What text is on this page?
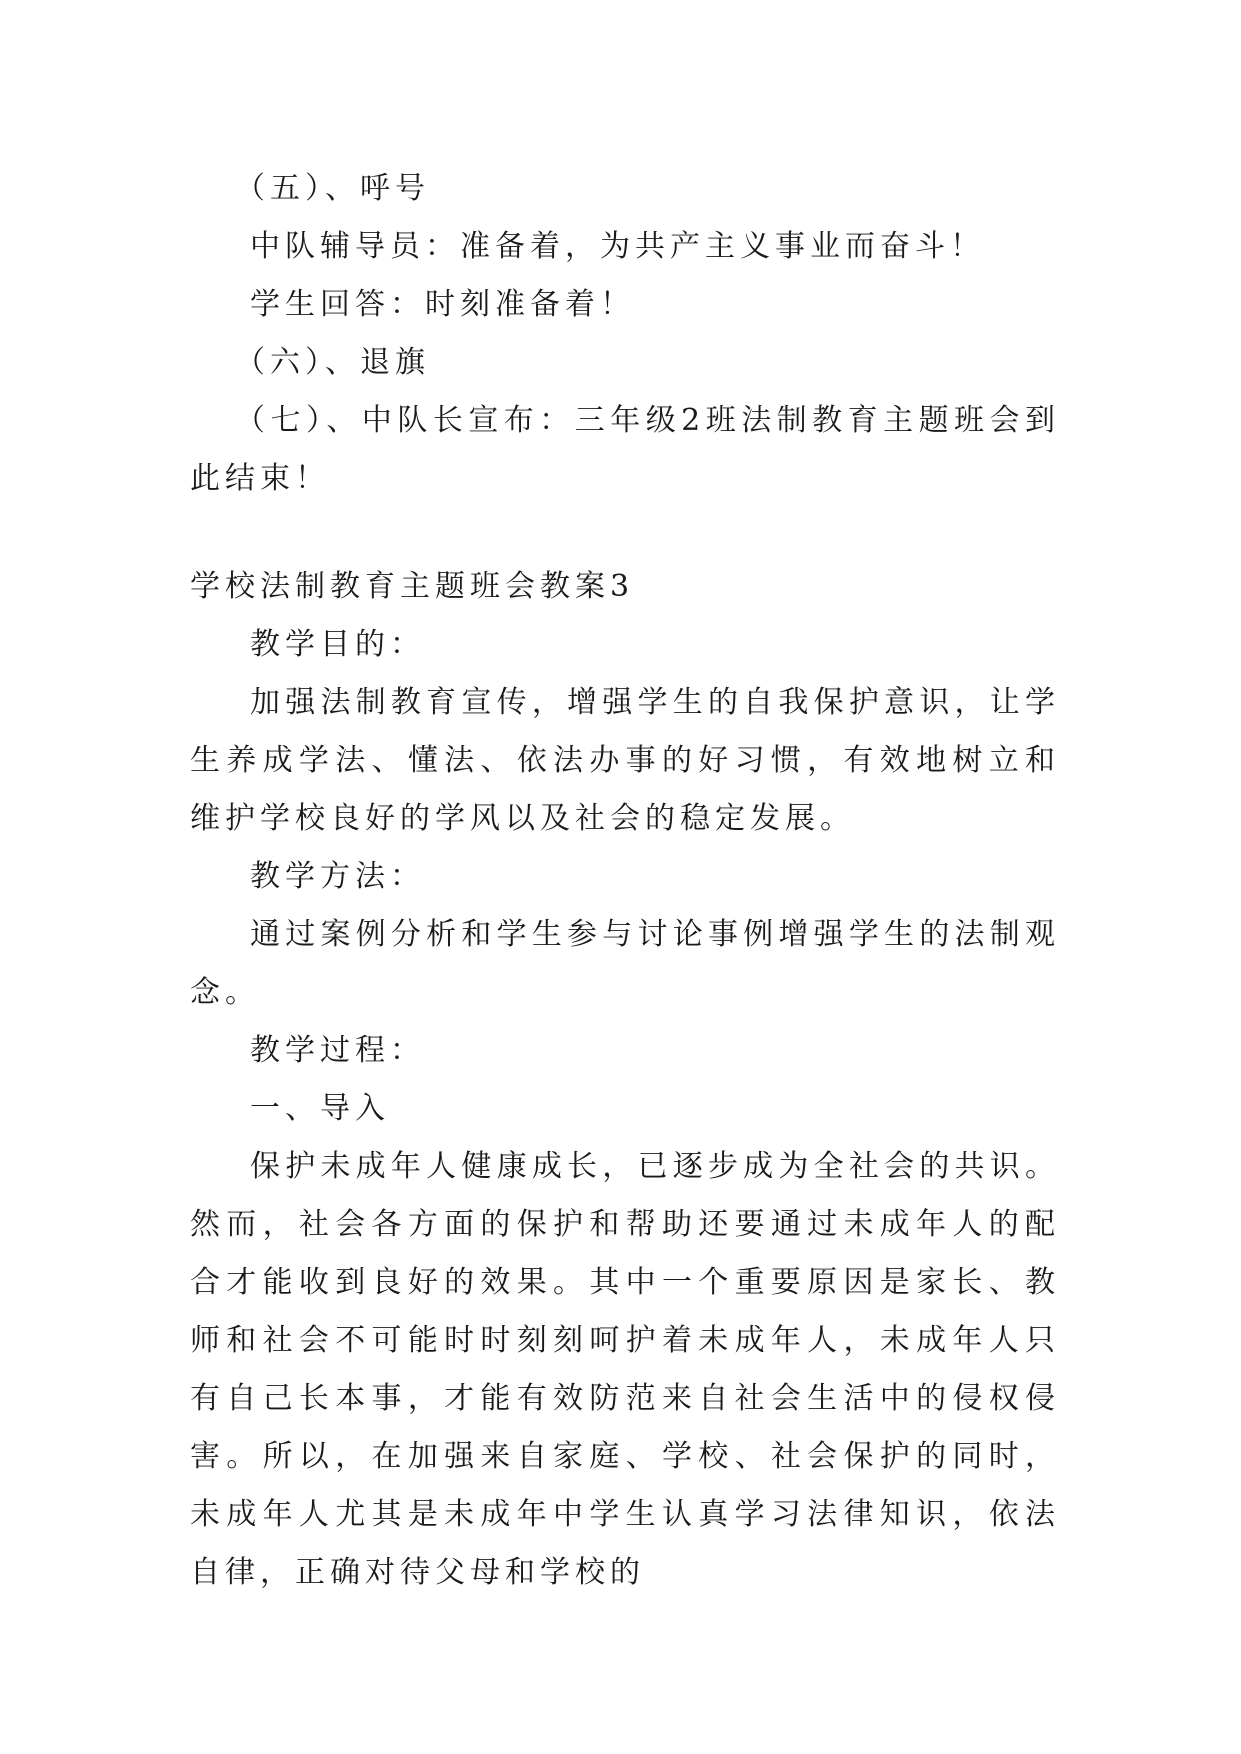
（五）、呼号

中队辅导员：准备着，为共产主义事业而奋斗！

学生回答：时刻准备着！

（六）、退旗

（七）、中队长宣布：三年级2班法制教育主题班会到此结束！

学校法制教育主题班会教案3

教学目的：

加强法制教育宣传，增强学生的自我保护意识，让学生养成学法、懂法、依法办事的好习惯，有效地树立和维护学校良好的学风以及社会的稳定发展。

教学方法：

通过案例分析和学生参与讨论事例增强学生的法制观念。

教学过程：

一、导入

保护未成年人健康成长，已逐步成为全社会的共识。然而，社会各方面的保护和帮助还要通过未成年人的配合才能收到良好的效果。其中一个重要原因是家长、教师和社会不可能时时刻刻呵护着未成年人，未成年人只有自己长本事，才能有效防范来自社会生活中的侵权侵害。所以，在加强来自家庭、学校、社会保护的同时，未成年人尤其是未成年中学生认真学习法律知识，依法自律，正确对待父母和学校的
